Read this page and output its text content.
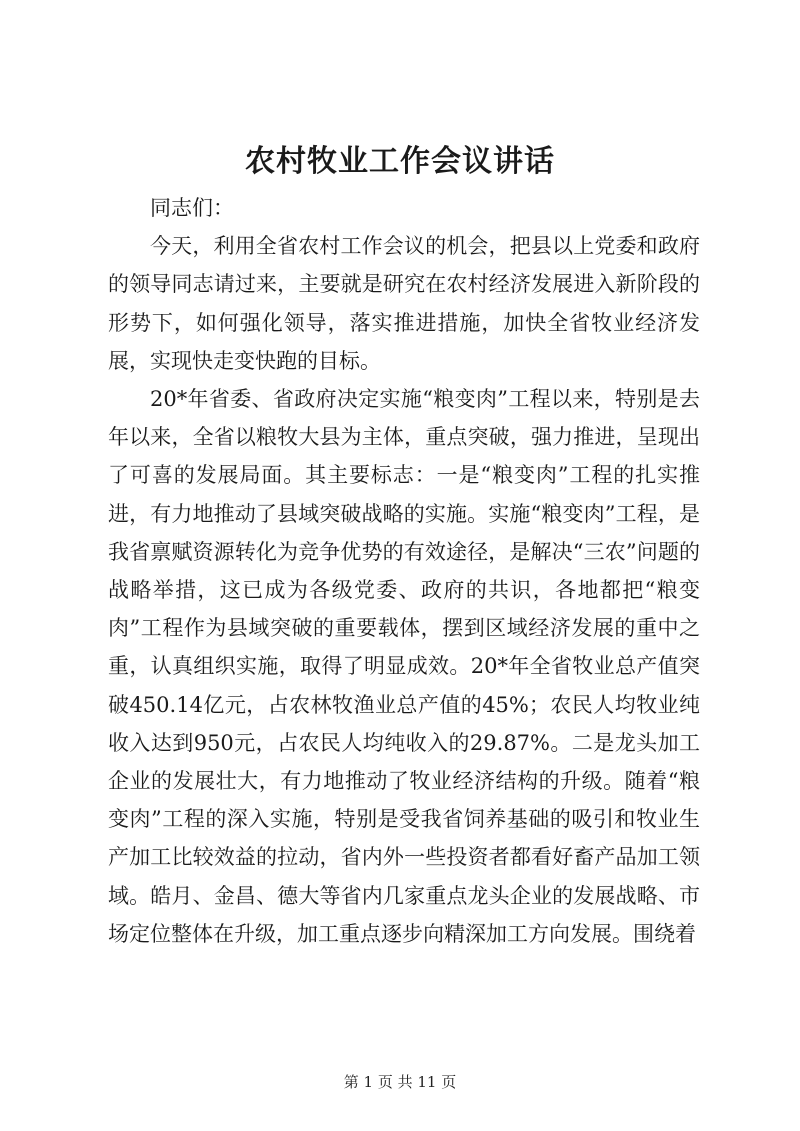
农村牧业工作会议讲话

同志们：

今天，利用全省农村工作会议的机会，把县以上党委和政府的领导同志请过来，主要就是研究在农村经济发展进入新阶段的形势下，如何强化领导，落实推进措施，加快全省牧业经济发展，实现快走变快跑的目标。

20*年省委、省政府决定实施“粮变肉”工程以来，特别是去年以来，全省以粮牧大县为主体，重点突破，强力推进，呈现出了可喜的发展局面。其主要标志：一是“粮变肉”工程的扎实推进，有力地推动了县域突破战略的实施。实施“粮变肉”工程，是我省禀赋资源转化为竞争优势的有效途径，是解决“三农”问题的战略举措，这已成为各级党委、政府的共识，各地都把“粮变肉”工程作为县域突破的重要载体，摆到区域经济发展的重中之重，认真组织实施，取得了明显成效。20*年全省牧业总产值突破450.14亿元，占农林牧渔业总产值的45%；农民人均牧业纯收入达到950元，占农民人均纯收入的29.87%。二是龙头加工企业的发展壮大，有力地推动了牧业经济结构的升级。随着“粮变肉”工程的深入实施，特别是受我省饲养基础的吸引和牧业生产加工比较效益的拉动，省内外一些投资者都看好畜产品加工领域。皓月、金昌、德大等省内几家重点龙头企业的发展战略、市场定位整体在升级，加工重点逐步向精深加工方向发展。围绕着

第 1 页 共 11 页
